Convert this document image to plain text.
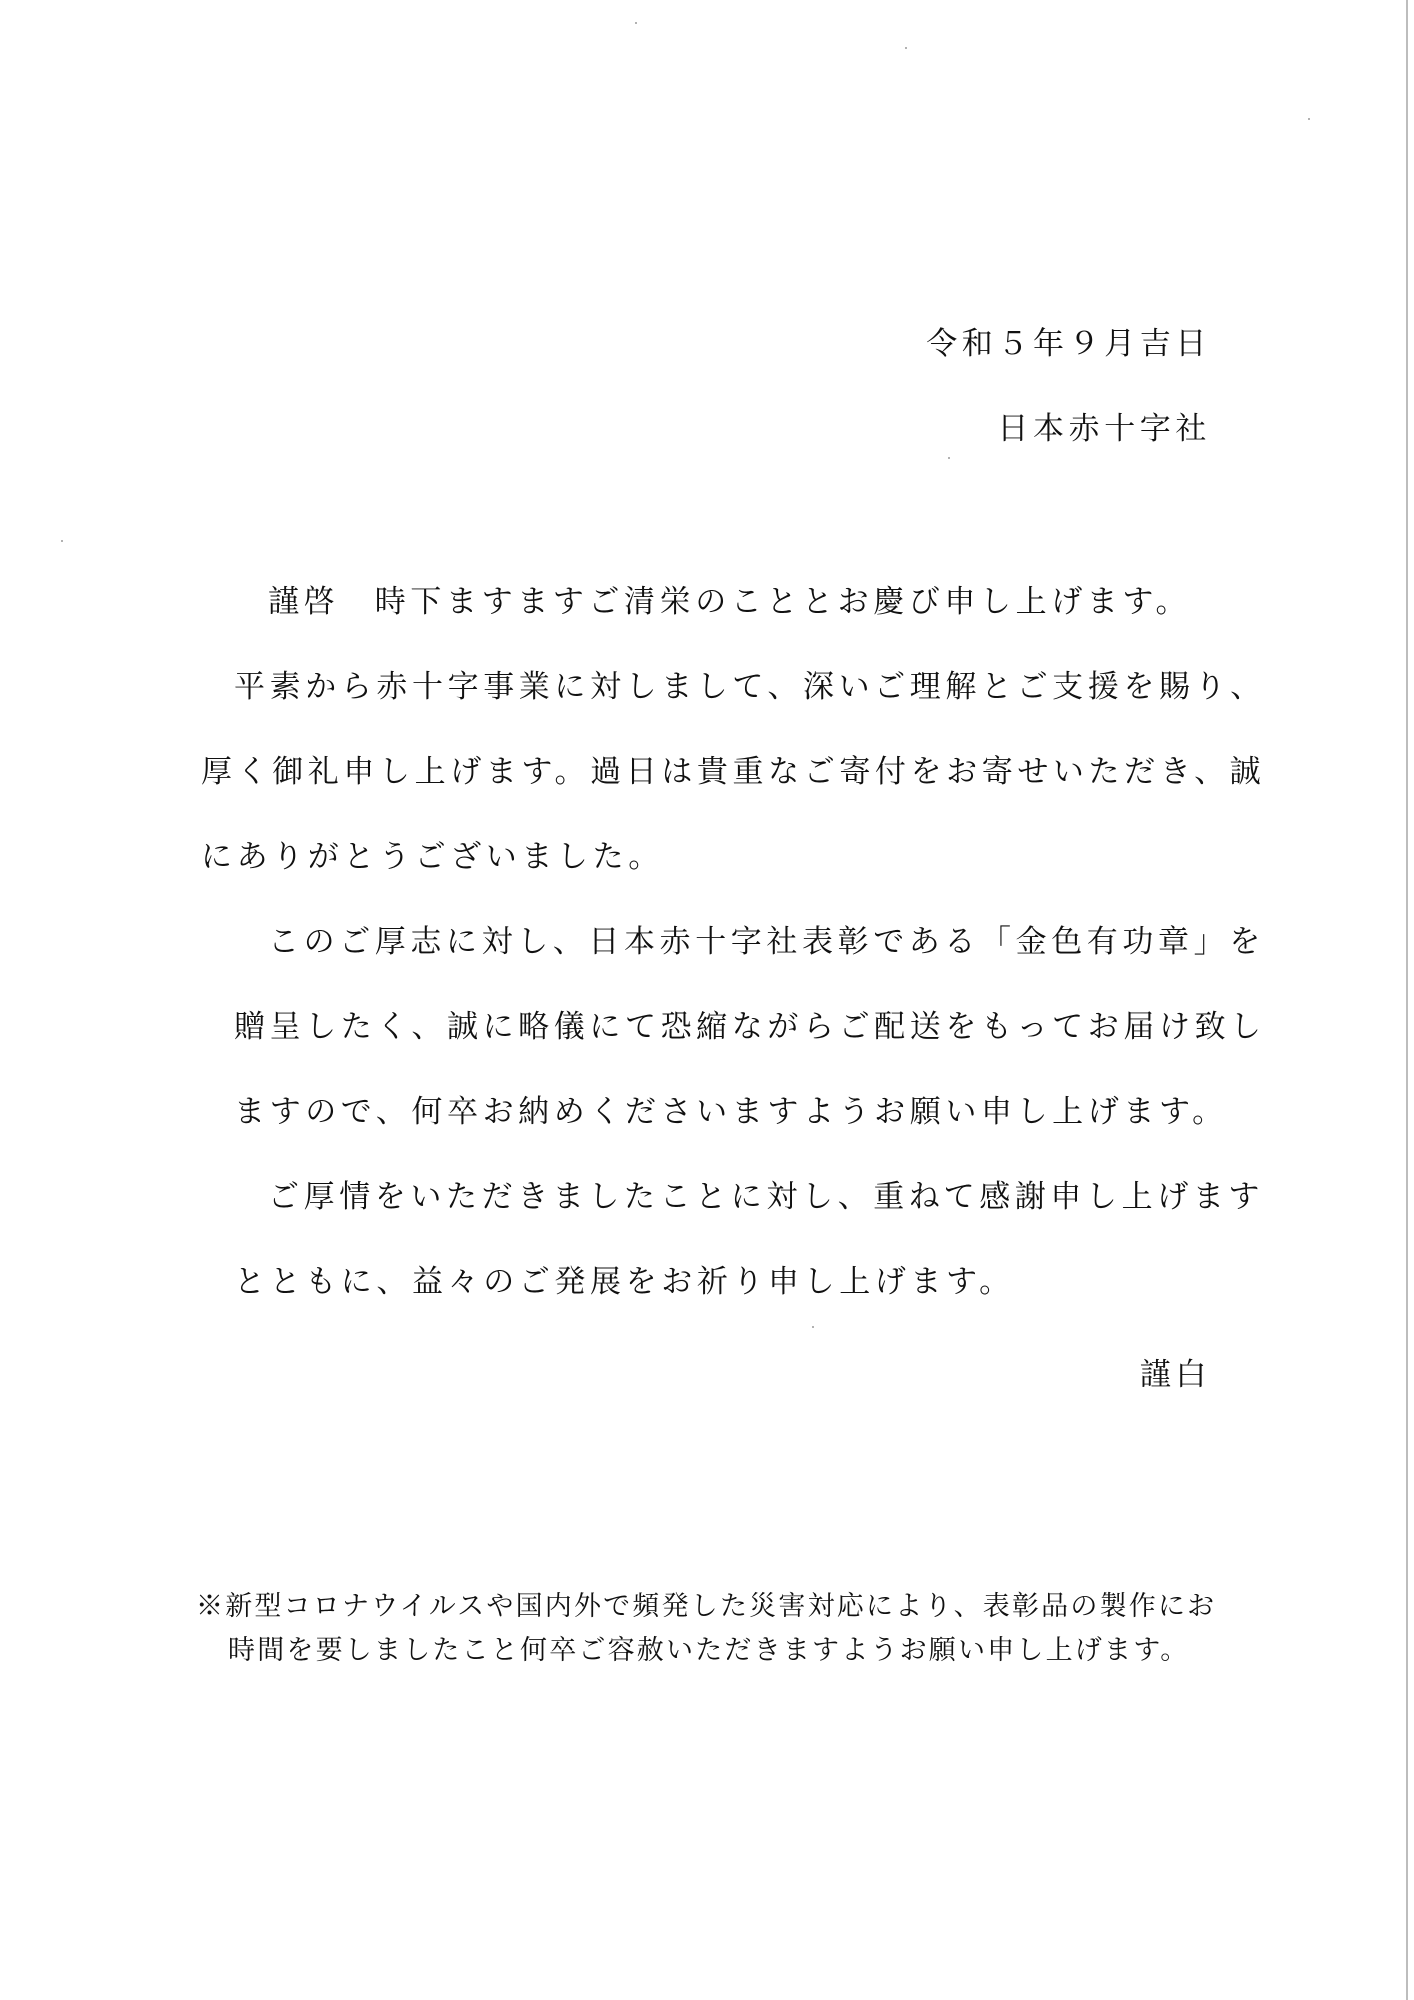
令和５年９月吉日
日本赤十字社
謹啓　時下ますますご清栄のこととお慶び申し上げます。
平素から赤十字事業に対しまして、深いご理解とご支援を賜り、
厚く御礼申し上げます。過日は貴重なご寄付をお寄せいただき、誠
にありがとうございました。
このご厚志に対し、日本赤十字社表彰である「金色有功章」を
贈呈したく、誠に略儀にて恐縮ながらご配送をもってお届け致し
ますので、何卒お納めくださいますようお願い申し上げます。
ご厚情をいただきましたことに対し、重ねて感謝申し上げます
とともに、益々のご発展をお祈り申し上げます。
謹白
※新型コロナウイルスや国内外で頻発した災害対応により、表彰品の製作にお
時間を要しましたこと何卒ご容赦いただきますようお願い申し上げます。
